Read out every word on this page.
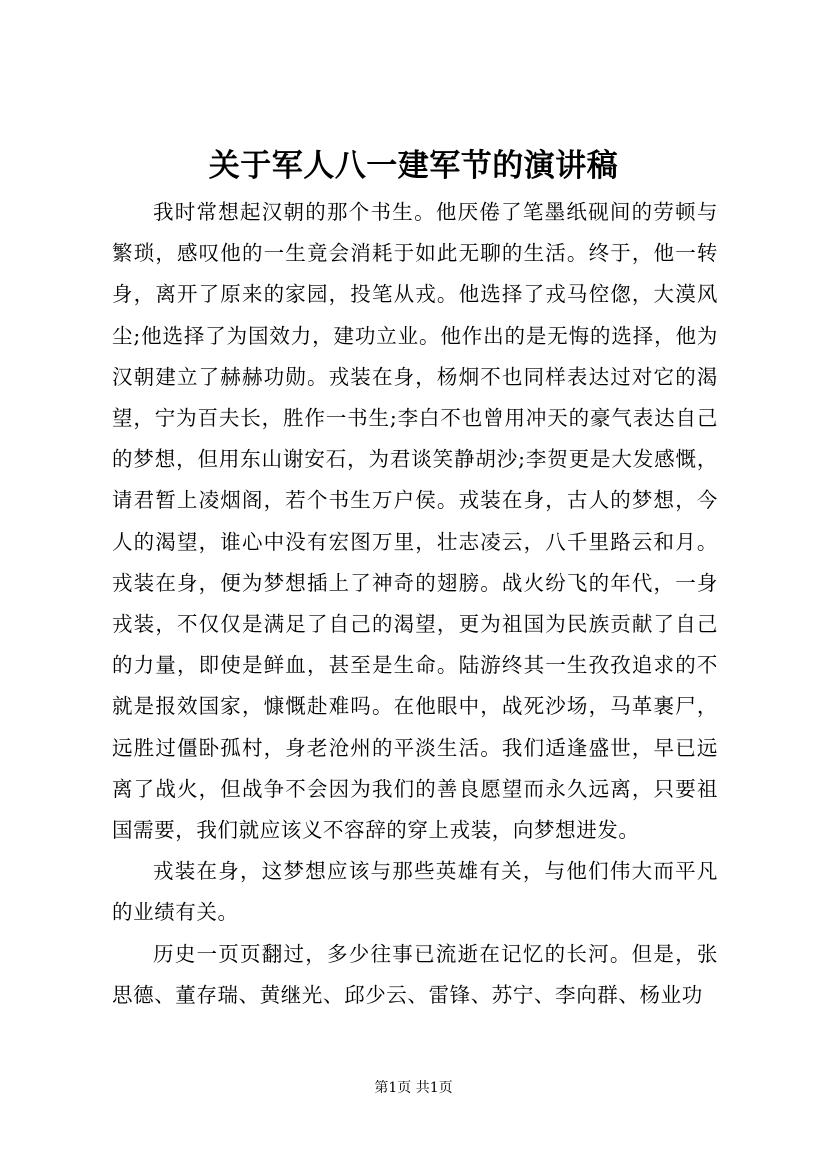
关于军人八一建军节的演讲稿

我时常想起汉朝的那个书生。他厌倦了笔墨纸砚间的劳顿与繁琐，感叹他的一生竟会消耗于如此无聊的生活。终于，他一转身，离开了原来的家园，投笔从戎。他选择了戎马倥偬，大漠风尘;他选择了为国效力，建功立业。他作出的是无悔的选择，他为汉朝建立了赫赫功勋。戎装在身，杨炯不也同样表达过对它的渴望，宁为百夫长，胜作一书生;李白不也曾用冲天的豪气表达自己的梦想，但用东山谢安石，为君谈笑静胡沙;李贺更是大发感慨，请君暂上凌烟阁，若个书生万户侯。戎装在身，古人的梦想，今人的渴望，谁心中没有宏图万里，壮志凌云，八千里路云和月。戎装在身，便为梦想插上了神奇的翅膀。战火纷飞的年代，一身戎装，不仅仅是满足了自己的渴望，更为祖国为民族贡献了自己的力量，即使是鲜血，甚至是生命。陆游终其一生孜孜追求的不就是报效国家，慷慨赴难吗。在他眼中，战死沙场，马革裹尸，远胜过僵卧孤村，身老沧州的平淡生活。我们适逢盛世，早已远离了战火，但战争不会因为我们的善良愿望而永久远离，只要祖国需要，我们就应该义不容辞的穿上戎装，向梦想进发。

戎装在身，这梦想应该与那些英雄有关，与他们伟大而平凡的业绩有关。

历史一页页翻过，多少往事已流逝在记忆的长河。但是，张思德、董存瑞、黄继光、邱少云、雷锋、苏宁、李向群、杨业功

第1页 共1页
